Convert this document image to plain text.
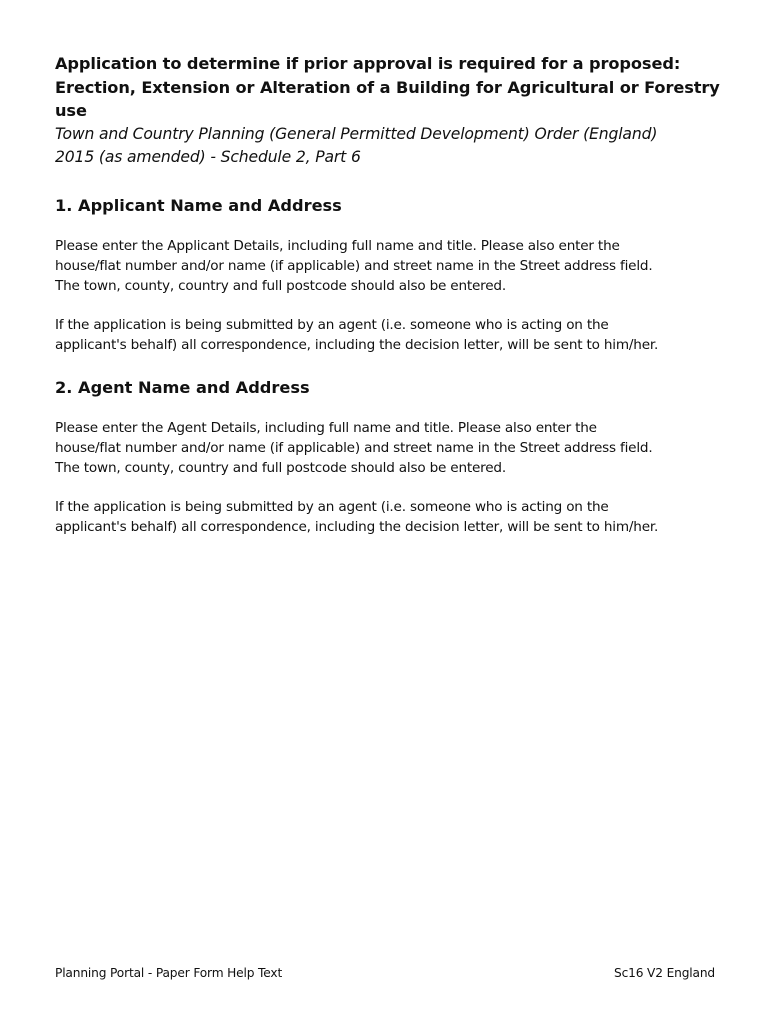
Application to determine if prior approval is required for a proposed:
Erection, Extension or Alteration of a Building for Agricultural or Forestry
use

Town and Country Planning (General Permitted Development) Order (England)
2015 (as amended) - Schedule 2, Part 6

1. Applicant Name and Address

Please enter the Applicant Details, including full name and title. Please also enter the
house/flat number and/or name (if applicable) and street name in the Street address field.
The town, county, country and full postcode should also be entered.

If the application is being submitted by an agent (i.e. someone who is acting on the
applicant's behalf) all correspondence, including the decision letter, will be sent to him/her.

2. Agent Name and Address

Please enter the Agent Details, including full name and title. Please also enter the
house/flat number and/or name (if applicable) and street name in the Street address field.
The town, county, country and full postcode should also be entered.

If the application is being submitted by an agent (i.e. someone who is acting on the
applicant's behalf) all correspondence, including the decision letter, will be sent to him/her.

Planning Portal - Paper Form Help Text	Sc16 V2 England
